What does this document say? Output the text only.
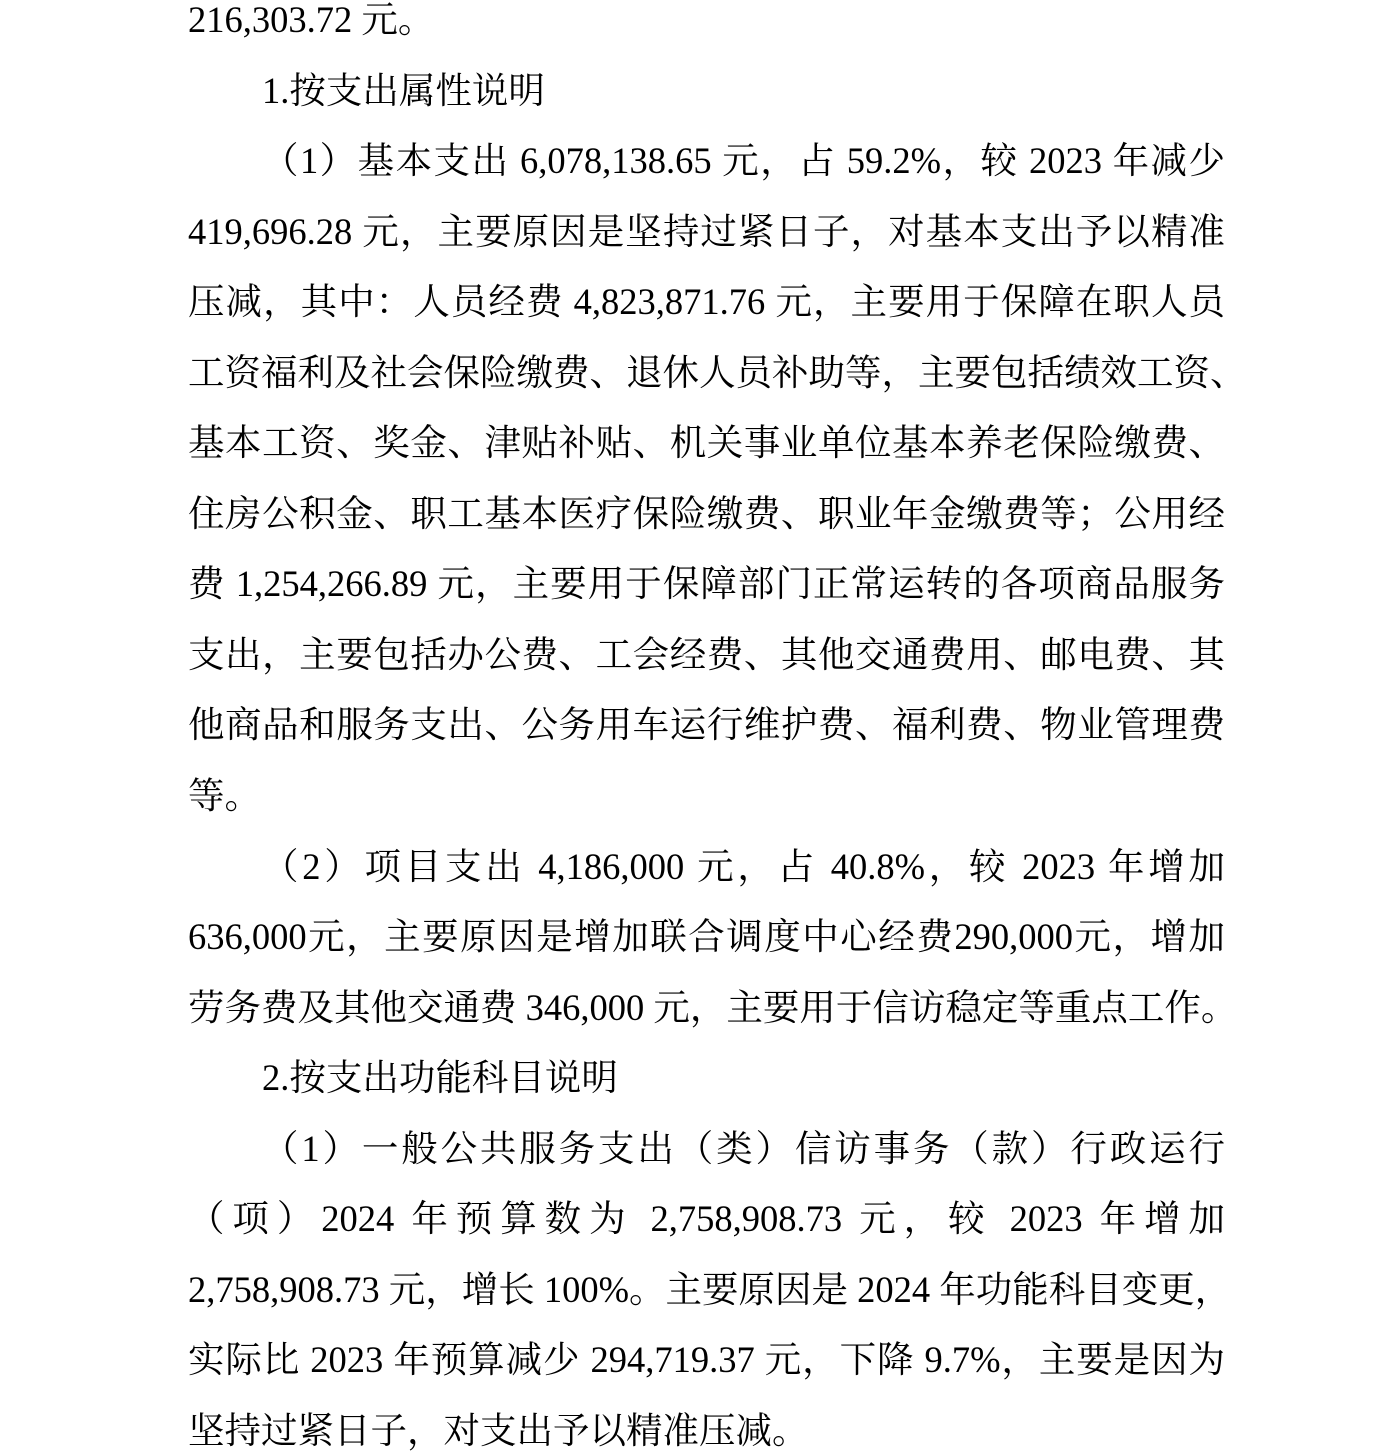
216,303.72 元。
1.按支出属性说明
（1）基本支出 6,078,138.65 元，占 59.2%，较 2023 年减少
419,696.28 元，主要原因是坚持过紧日子，对基本支出予以精准
压减，其中：人员经费 4,823,871.76 元，主要用于保障在职人员
工资福利及社会保险缴费、退休人员补助等，主要包括绩效工资、
基本工资、奖金、津贴补贴、机关事业单位基本养老保险缴费、
住房公积金、职工基本医疗保险缴费、职业年金缴费等；公用经
费 1,254,266.89 元，主要用于保障部门正常运转的各项商品服务
支出，主要包括办公费、工会经费、其他交通费用、邮电费、其
他商品和服务支出、公务用车运行维护费、福利费、物业管理费
等。
（2）项目支出 4,186,000 元，占 40.8%，较 2023 年增加
636,000元，主要原因是增加联合调度中心经费290,000元，增加
劳务费及其他交通费 346,000 元，主要用于信访稳定等重点工作。
2.按支出功能科目说明
（1）一般公共服务支出（类）信访事务（款）行政运行
（项）2024 年预算数为 2,758,908.73 元，较 2023 年增加
2,758,908.73 元，增长 100%。主要原因是 2024 年功能科目变更，
实际比 2023 年预算减少 294,719.37 元，下降 9.7%，主要是因为
坚持过紧日子，对支出予以精准压减。
